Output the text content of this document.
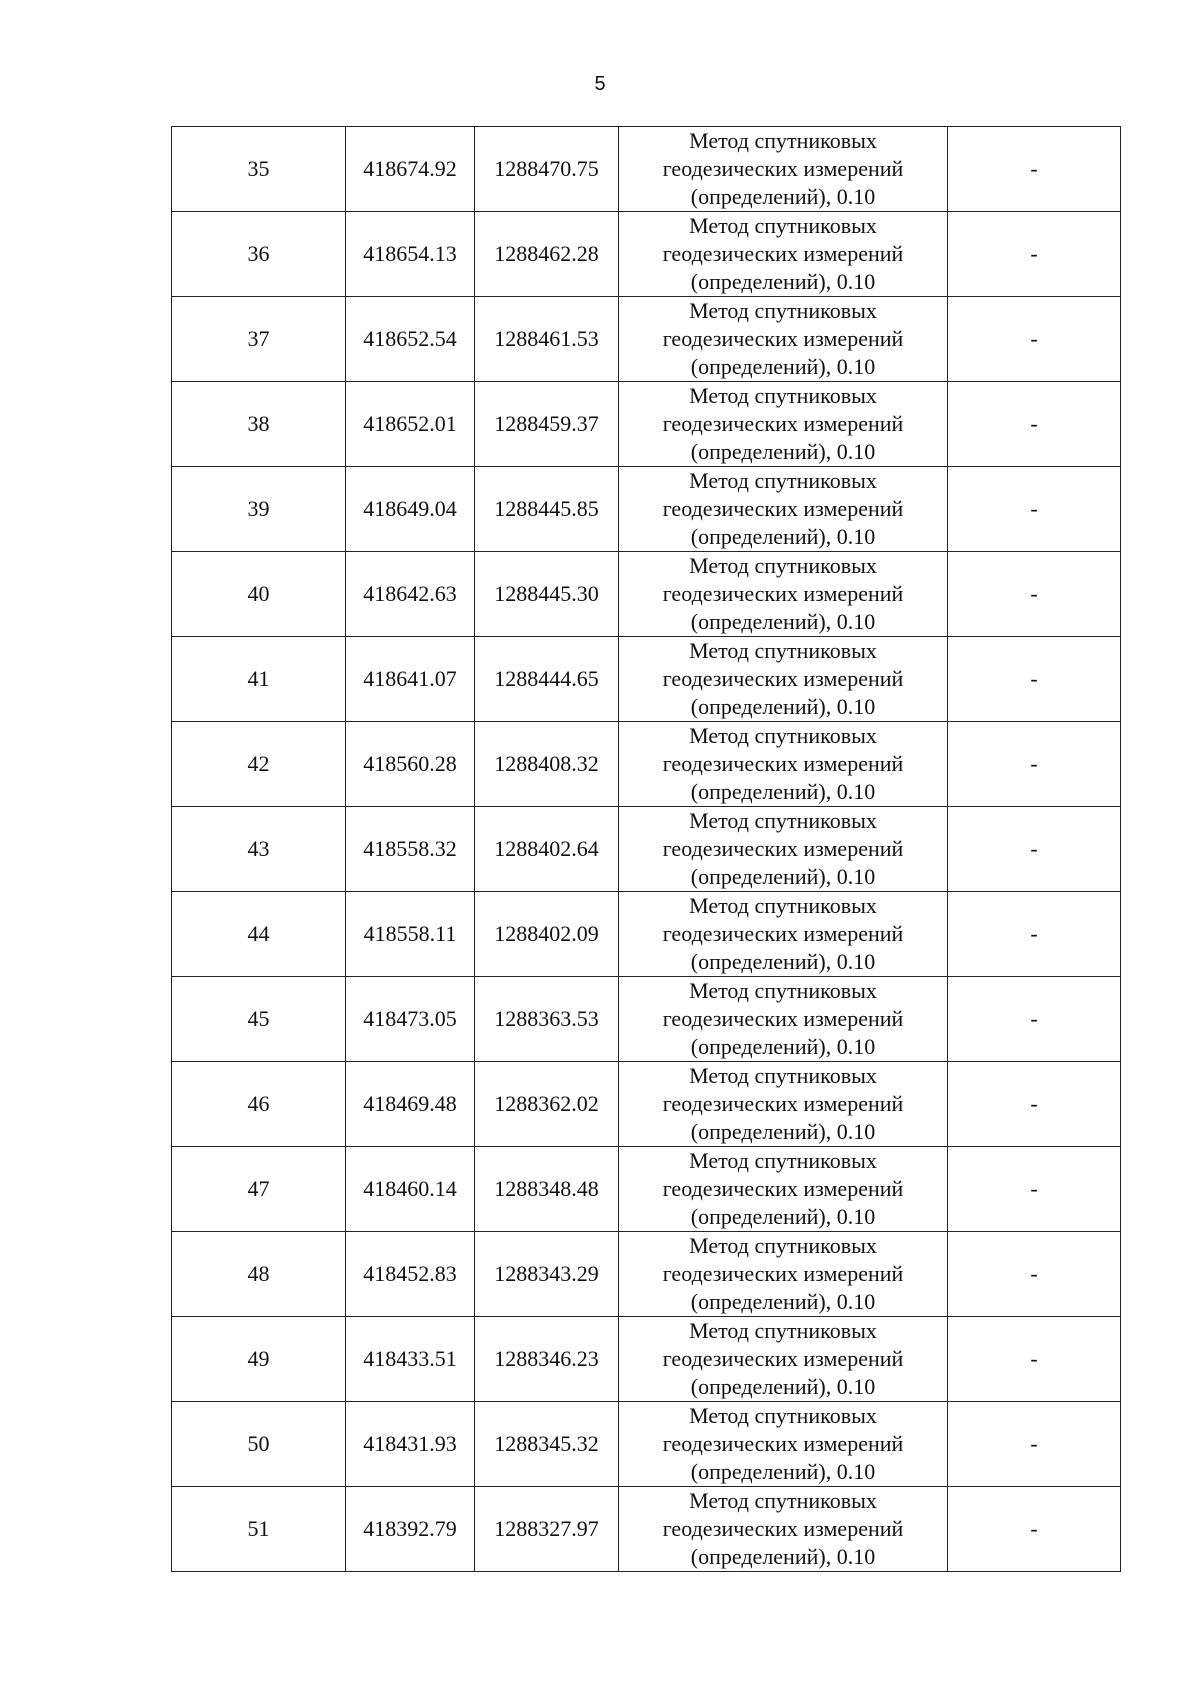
5
35	418674.92	1288470.75	Метод спутниковых
геодезических измерений
(определений), 0.10	-
36	418654.13	1288462.28	Метод спутниковых
геодезических измерений
(определений), 0.10	-
37	418652.54	1288461.53	Метод спутниковых
геодезических измерений
(определений), 0.10	-
38	418652.01	1288459.37	Метод спутниковых
геодезических измерений
(определений), 0.10	-
39	418649.04	1288445.85	Метод спутниковых
геодезических измерений
(определений), 0.10	-
40	418642.63	1288445.30	Метод спутниковых
геодезических измерений
(определений), 0.10	-
41	418641.07	1288444.65	Метод спутниковых
геодезических измерений
(определений), 0.10	-
42	418560.28	1288408.32	Метод спутниковых
геодезических измерений
(определений), 0.10	-
43	418558.32	1288402.64	Метод спутниковых
геодезических измерений
(определений), 0.10	-
44	418558.11	1288402.09	Метод спутниковых
геодезических измерений
(определений), 0.10	-
45	418473.05	1288363.53	Метод спутниковых
геодезических измерений
(определений), 0.10	-
46	418469.48	1288362.02	Метод спутниковых
геодезических измерений
(определений), 0.10	-
47	418460.14	1288348.48	Метод спутниковых
геодезических измерений
(определений), 0.10	-
48	418452.83	1288343.29	Метод спутниковых
геодезических измерений
(определений), 0.10	-
49	418433.51	1288346.23	Метод спутниковых
геодезических измерений
(определений), 0.10	-
50	418431.93	1288345.32	Метод спутниковых
геодезических измерений
(определений), 0.10	-
51	418392.79	1288327.97	Метод спутниковых
геодезических измерений
(определений), 0.10	-
